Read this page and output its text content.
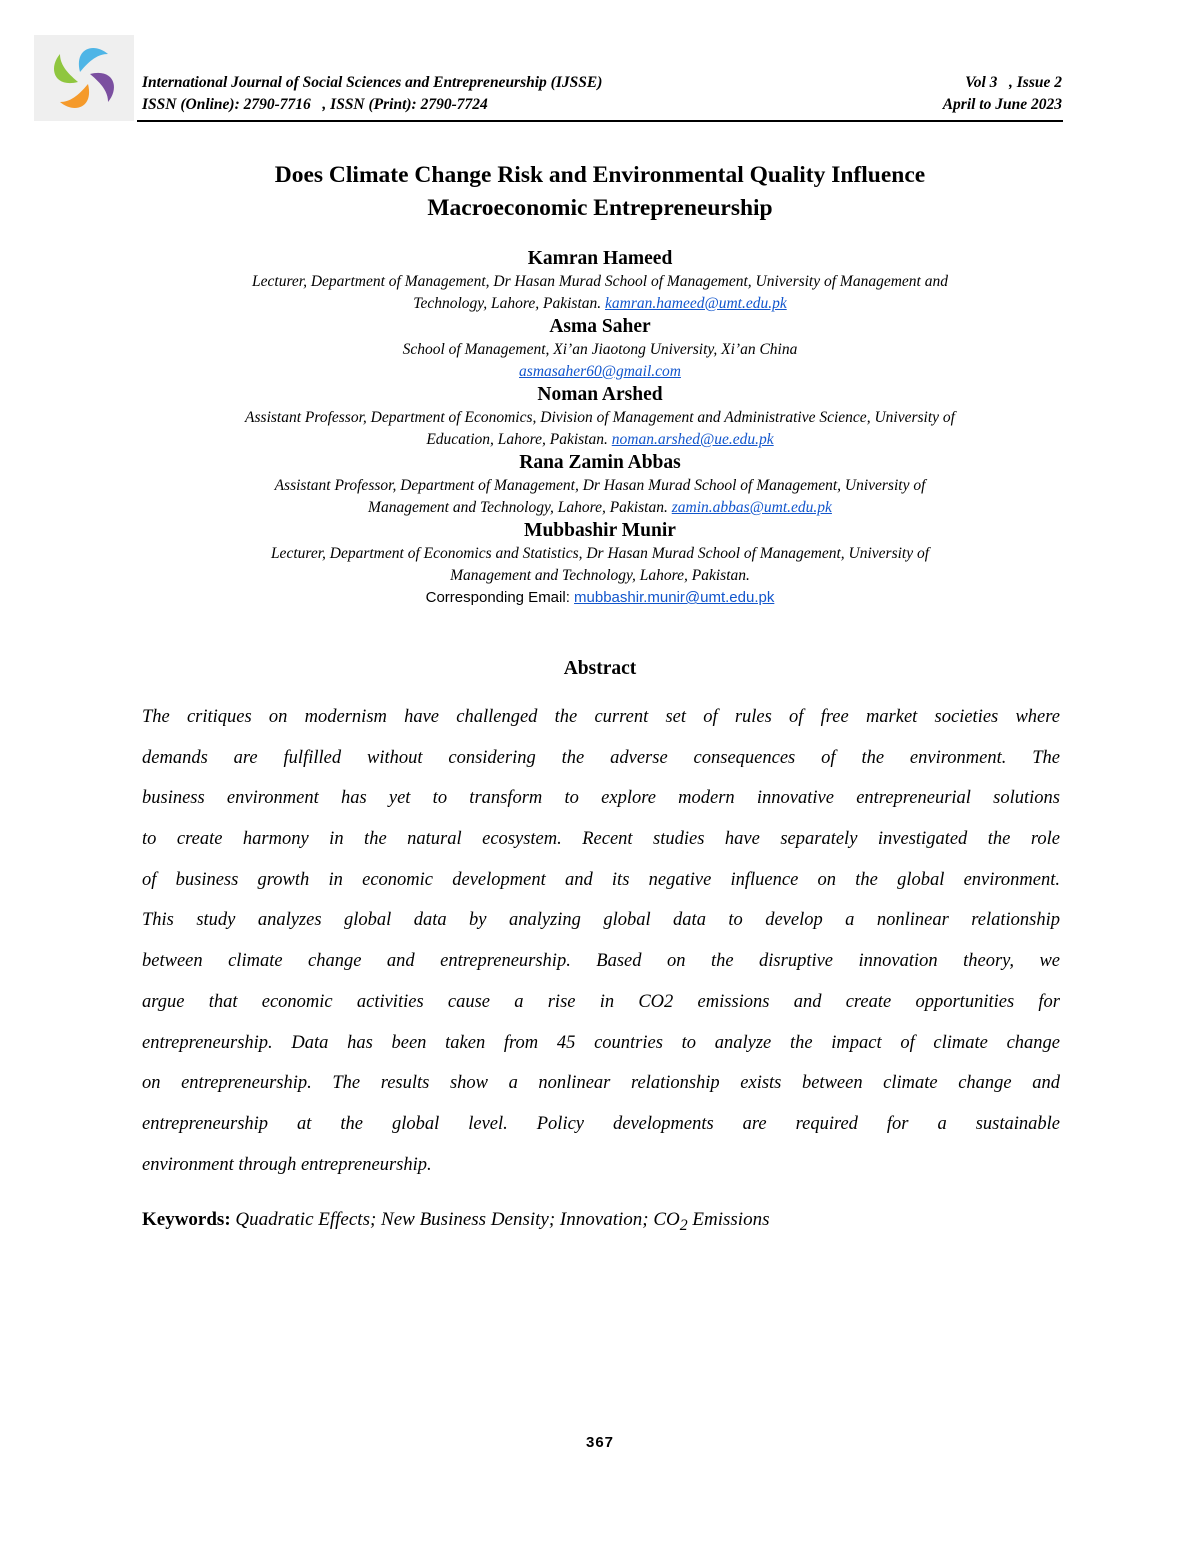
International Journal of Social Sciences and Entrepreneurship (IJSSE)	Vol 3   , Issue 2
ISSN (Online): 2790-7716   , ISSN (Print): 2790-7724	April to June 2023
Does Climate Change Risk and Environmental Quality Influence
Macroeconomic Entrepreneurship
Kamran Hameed
Lecturer, Department of Management, Dr Hasan Murad School of Management, University of Management and
Technology, Lahore, Pakistan. kamran.hameed@umt.edu.pk
Asma Saher
School of Management, Xi’an Jiaotong University, Xi’an China
asmasaher60@gmail.com
Noman Arshed
Assistant Professor, Department of Economics, Division of Management and Administrative Science, University of
Education, Lahore, Pakistan. noman.arshed@ue.edu.pk
Rana Zamin Abbas
Assistant Professor, Department of Management, Dr Hasan Murad School of Management, University of
Management and Technology, Lahore, Pakistan. zamin.abbas@umt.edu.pk
Mubbashir Munir
Lecturer, Department of Economics and Statistics, Dr Hasan Murad School of Management, University of
Management and Technology, Lahore, Pakistan.
Corresponding Email: mubbashir.munir@umt.edu.pk
Abstract
The critiques on modernism have challenged the current set of rules of free market societies where
demands are fulfilled without considering the adverse consequences of the environment. The
business environment has yet to transform to explore modern innovative entrepreneurial solutions
to create harmony in the natural ecosystem. Recent studies have separately investigated the role
of business growth in economic development and its negative influence on the global environment.
This study analyzes global data by analyzing global data to develop a nonlinear relationship
between climate change and entrepreneurship. Based on the disruptive innovation theory, we
argue that economic activities cause a rise in CO2 emissions and create opportunities for
entrepreneurship. Data has been taken from 45 countries to analyze the impact of climate change
on entrepreneurship. The results show a nonlinear relationship exists between climate change and
entrepreneurship at the global level. Policy developments are required for a sustainable
environment through entrepreneurship.
Keywords: Quadratic Effects; New Business Density; Innovation; $CO_2$ Emissions
367
